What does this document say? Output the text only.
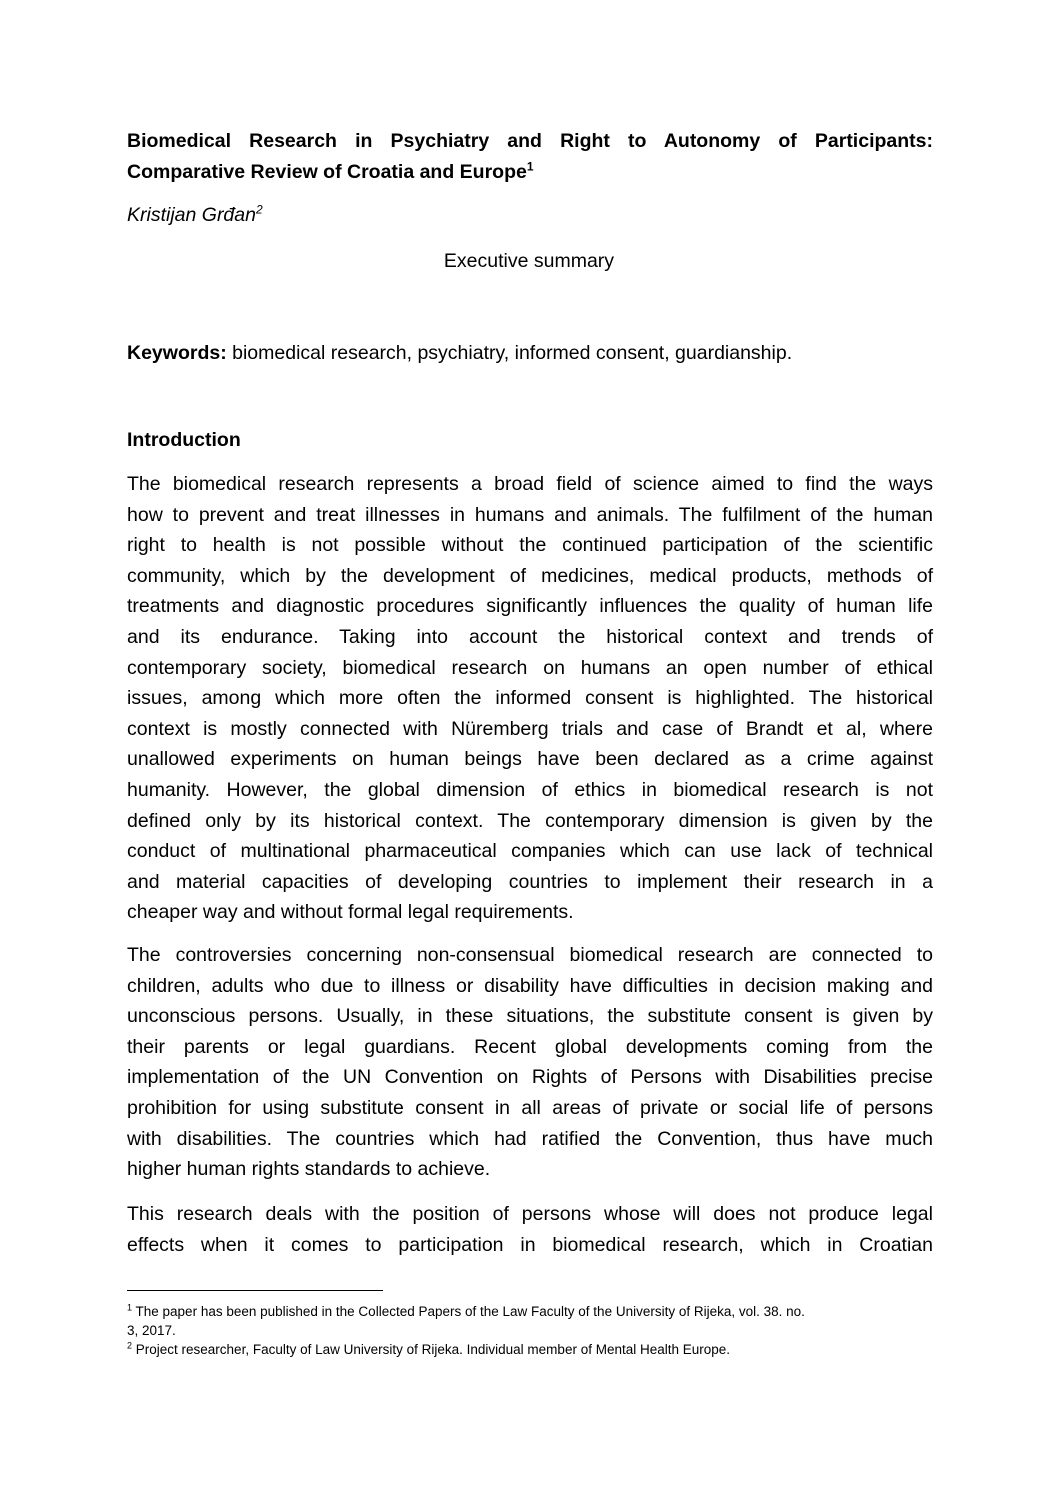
Biomedical Research in Psychiatry and Right to Autonomy of Participants:
Comparative Review of Croatia and Europe$^1$
Kristijan Grđan$^2$
Executive summary
Keywords: biomedical research, psychiatry, informed consent, guardianship.
Introduction
The biomedical research represents a broad field of science aimed to find the ways
how to prevent and treat illnesses in humans and animals. The fulfilment of the human
right to health is not possible without the continued participation of the scientific
community, which by the development of medicines, medical products, methods of
treatments and diagnostic procedures significantly influences the quality of human life
and its endurance. Taking into account the historical context and trends of
contemporary society, biomedical research on humans an open number of ethical
issues, among which more often the informed consent is highlighted. The historical
context is mostly connected with Nüremberg trials and case of Brandt et al, where
unallowed experiments on human beings have been declared as a crime against
humanity. However, the global dimension of ethics in biomedical research is not
defined only by its historical context. The contemporary dimension is given by the
conduct of multinational pharmaceutical companies which can use lack of technical
and material capacities of developing countries to implement their research in a
cheaper way and without formal legal requirements.
The controversies concerning non-consensual biomedical research are connected to
children, adults who due to illness or disability have difficulties in decision making and
unconscious persons. Usually, in these situations, the substitute consent is given by
their parents or legal guardians. Recent global developments coming from the
implementation of the UN Convention on Rights of Persons with Disabilities precise
prohibition for using substitute consent in all areas of private or social life of persons
with disabilities. The countries which had ratified the Convention, thus have much
higher human rights standards to achieve.
This research deals with the position of persons whose will does not produce legal
effects when it comes to participation in biomedical research, which in Croatian
$^1$ The paper has been published in the Collected Papers of the Law Faculty of the University of Rijeka, vol. 38. no.
3, 2017.
$^2$ Project researcher, Faculty of Law University of Rijeka. Individual member of Mental Health Europe.
